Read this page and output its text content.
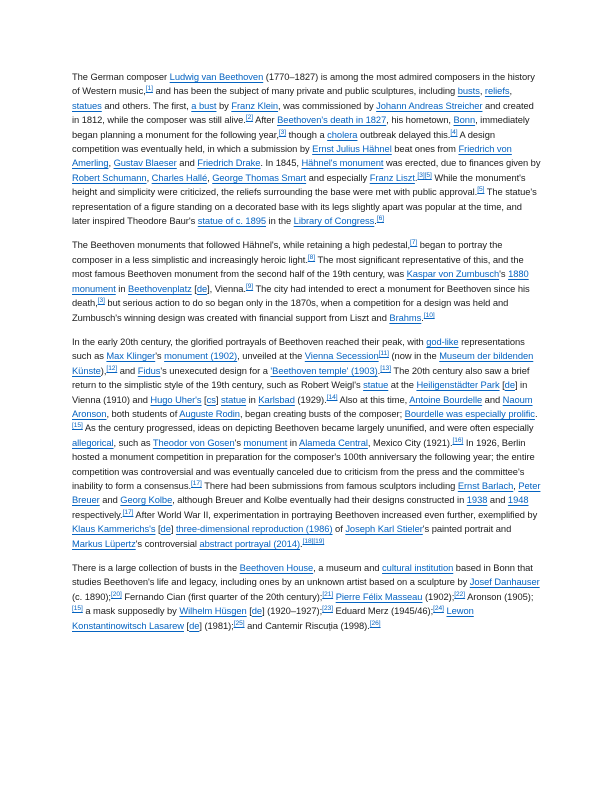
The German composer Ludwig van Beethoven (1770–1827) is among the most admired composers in the history of Western music,[1] and has been the subject of many private and public sculptures, including busts, reliefs, statues and others. The first, a bust by Franz Klein, was commissioned by Johann Andreas Streicher and created in 1812, while the composer was still alive.[2] After Beethoven's death in 1827, his hometown, Bonn, immediately began planning a monument for the following year,[3] though a cholera outbreak delayed this.[4] A design competition was eventually held, in which a submission by Ernst Julius Hähnel beat ones from Friedrich von Amerling, Gustav Blaeser and Friedrich Drake. In 1845, Hähnel's monument was erected, due to finances given by Robert Schumann, Charles Hallé, George Thomas Smart and especially Franz Liszt.[3][5] While the monument's height and simplicity were criticized, the reliefs surrounding the base were met with public approval.[5] The statue's representation of a figure standing on a decorated base with its legs slightly apart was popular at the time, and later inspired Theodore Baur's statue of c. 1895 in the Library of Congress.[6]

The Beethoven monuments that followed Hähnel's, while retaining a high pedestal,[7] began to portray the composer in a less simplistic and increasingly heroic light.[8] The most significant representative of this, and the most famous Beethoven monument from the second half of the 19th century, was Kaspar von Zumbusch's 1880 monument in Beethovenplatz [de], Vienna.[9] The city had intended to erect a monument for Beethoven since his death,[3] but serious action to do so began only in the 1870s, when a competition for a design was held and Zumbusch's winning design was created with financial support from Liszt and Brahms.[10]

In the early 20th century, the glorified portrayals of Beethoven reached their peak, with god-like representations such as Max Klinger's monument (1902), unveiled at the Vienna Secession[11] (now in the Museum der bildenden Künste),[12] and Fidus's unexecuted design for a 'Beethoven temple' (1903).[13] The 20th century also saw a brief return to the simplistic style of the 19th century, such as Robert Weigl's statue at the Heiligenstädter Park [de] in Vienna (1910) and Hugo Uher's [cs] statue in Karlsbad (1929).[14] Also at this time, Antoine Bourdelle and Naoum Aronson, both students of Auguste Rodin, began creating busts of the composer; Bourdelle was especially prolific.[15] As the century progressed, ideas on depicting Beethoven became largely ununified, and were often especially allegorical, such as Theodor von Gosen's monument in Alameda Central, Mexico City (1921).[16] In 1926, Berlin hosted a monument competition in preparation for the composer's 100th anniversary the following year; the entire competition was controversial and was eventually canceled due to criticism from the press and the committee's inability to form a consensus.[17] There had been submissions from famous sculptors including Ernst Barlach, Peter Breuer and Georg Kolbe, although Breuer and Kolbe eventually had their designs constructed in 1938 and 1948 respectively.[17] After World War II, experimentation in portraying Beethoven increased even further, exemplified by Klaus Kammerichs's [de] three-dimensional reproduction (1986) of Joseph Karl Stieler's painted portrait and Markus Lüpertz's controversial abstract portrayal (2014).[18][19]

There is a large collection of busts in the Beethoven House, a museum and cultural institution based in Bonn that studies Beethoven's life and legacy, including ones by an unknown artist based on a sculpture by Josef Danhauser (c. 1890);[20] Fernando Cian (first quarter of the 20th century);[21] Pierre Félix Masseau (1902);[22] Aronson (1905);[15] a mask supposedly by Wilhelm Hüsgen [de] (1920–1927);[23] Eduard Merz (1945/46);[24] Lewon Konstantinowitsch Lasarew [de] (1981);[25] and Cantemir Riscuția (1998).[26]
